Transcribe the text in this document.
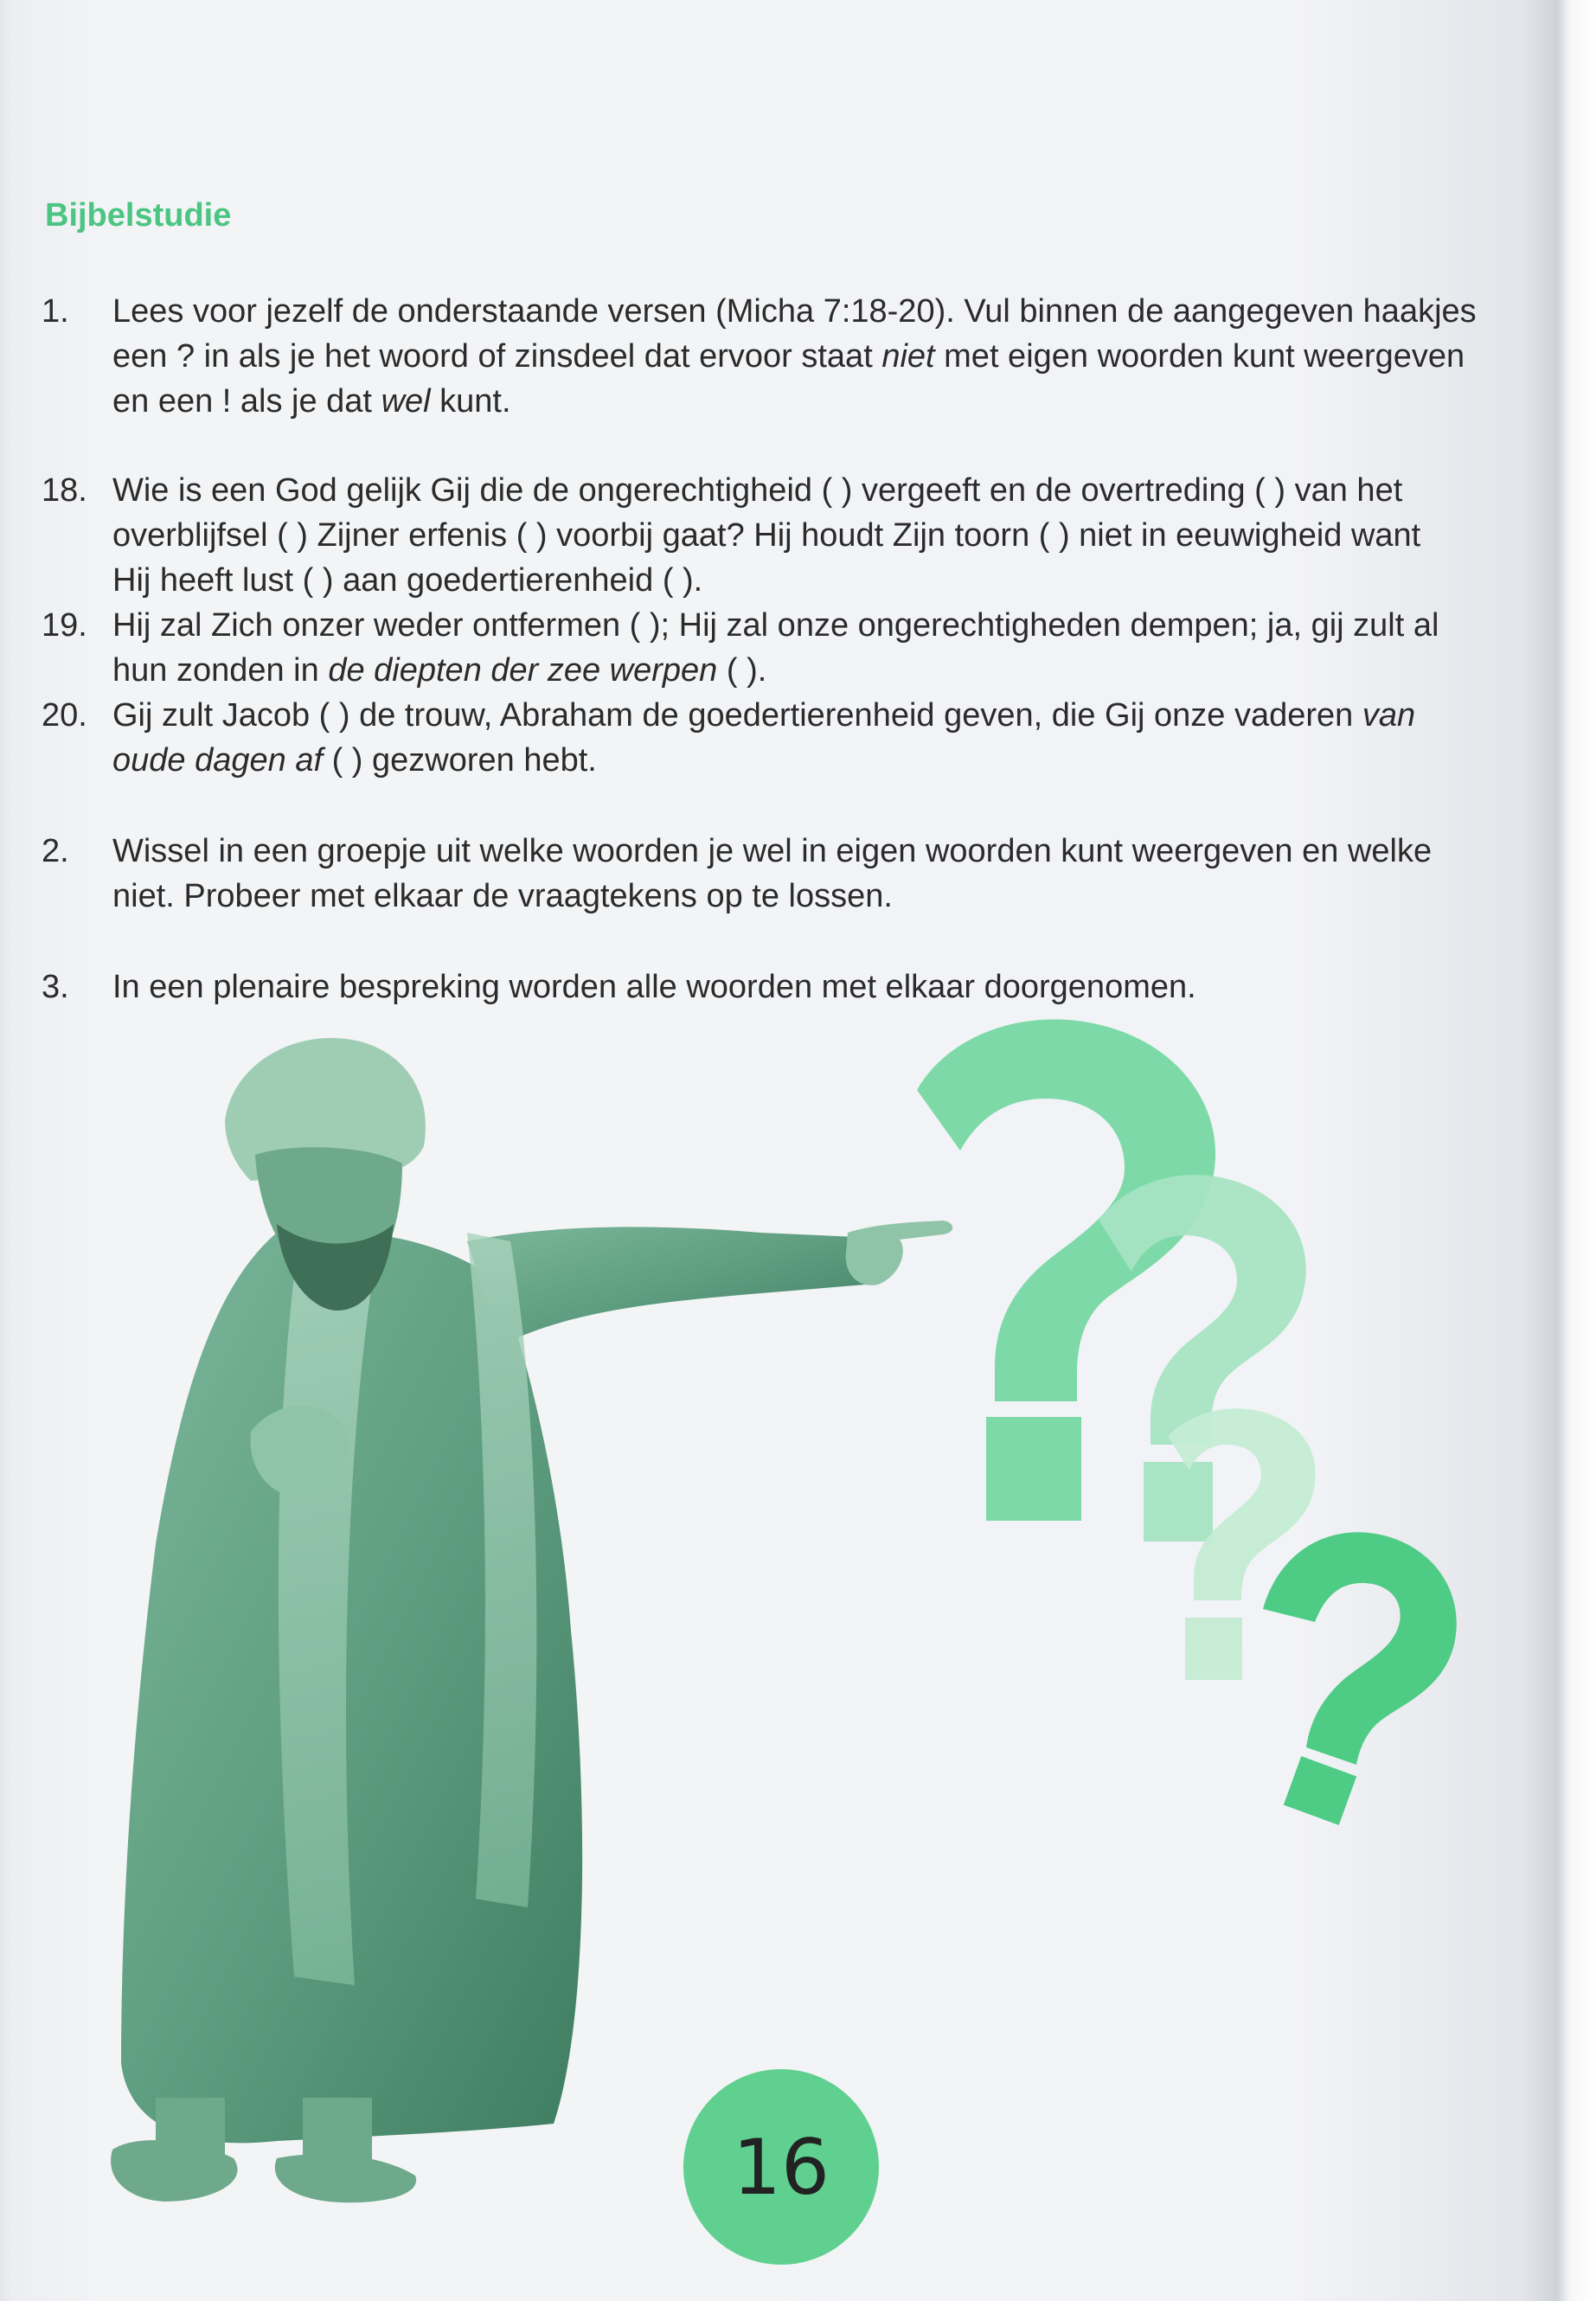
Bijbelstudie
1.	Lees voor jezelf de onderstaande versen (Micha 7:18-20). Vul binnen de aangegeven haakjes
een ? in als je het woord of zinsdeel dat ervoor staat niet met eigen woorden kunt weergeven
en een ! als je dat wel kunt.
18. Wie is een God gelijk Gij die de ongerechtigheid ( ) vergeeft en de overtreding ( ) van het
overblijfsel ( ) Zijner erfenis ( ) voorbij gaat? Hij houdt Zijn toorn ( ) niet in eeuwigheid want
Hij heeft lust ( ) aan goedertierenheid ( ).
19. Hij zal Zich onzer weder ontfermen ( ); Hij zal onze ongerechtigheden dempen; ja, gij zult al
hun zonden in de diepten der zee werpen ( ).
20. Gij zult Jacob ( ) de trouw, Abraham de goedertierenheid geven, die Gij onze vaderen van
oude dagen af ( ) gezworen hebt.
2.	Wissel in een groepje uit welke woorden je wel in eigen woorden kunt weergeven en welke
niet. Probeer met elkaar de vraagtekens op te lossen.
3.	In een plenaire bespreking worden alle woorden met elkaar doorgenomen.
16
